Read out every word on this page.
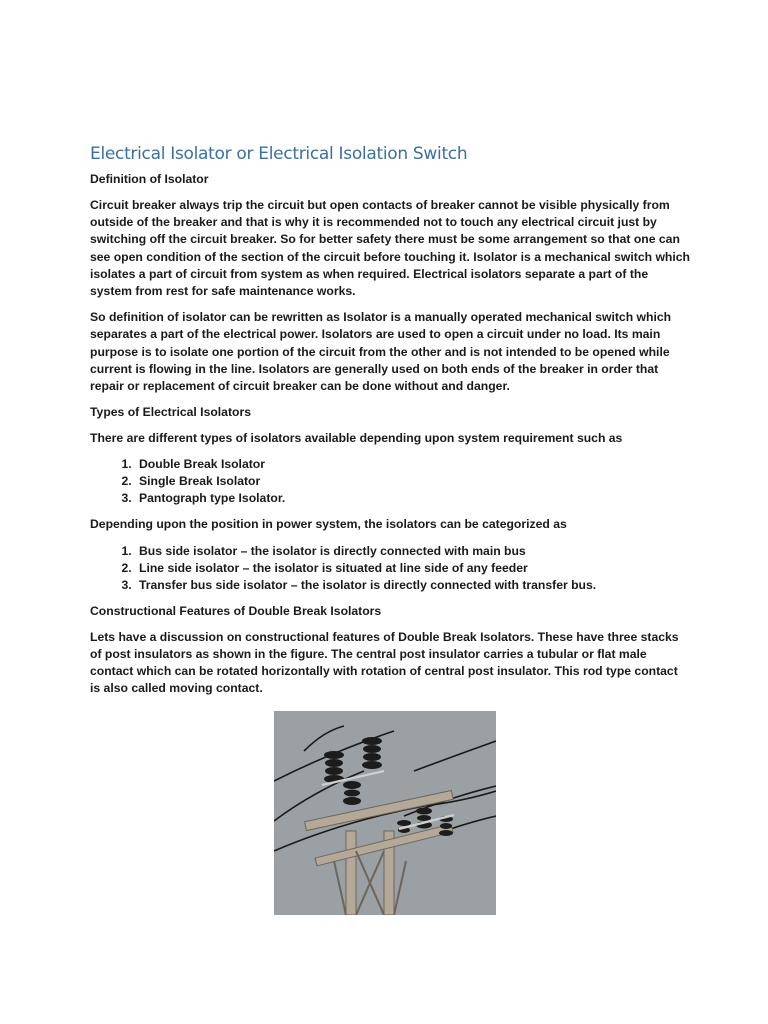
Electrical Isolator or Electrical Isolation Switch
Definition of Isolator

Circuit breaker always trip the circuit but open contacts of breaker cannot be visible physically from outside of the breaker and that is why it is recommended not to touch any electrical circuit just by switching off the circuit breaker. So for better safety there must be some arrangement so that one can see open condition of the section of the circuit before touching it. Isolator is a mechanical switch which isolates a part of circuit from system as when required. Electrical isolators separate a part of the system from rest for safe maintenance works.

So definition of isolator can be rewritten as Isolator is a manually operated mechanical switch which separates a part of the electrical power. Isolators are used to open a circuit under no load. Its main purpose is to isolate one portion of the circuit from the other and is not intended to be opened while current is flowing in the line. Isolators are generally used on both ends of the breaker in order that repair or replacement of circuit breaker can be done without and danger.

Types of Electrical Isolators

There are different types of isolators available depending upon system requirement such as

1. Double Break Isolator
2. Single Break Isolator
3. Pantograph type Isolator.

Depending upon the position in power system, the isolators can be categorized as

1. Bus side isolator – the isolator is directly connected with main bus
2. Line side isolator – the isolator is situated at line side of any feeder
3. Transfer bus side isolator – the isolator is directly connected with transfer bus.
Constructional Features of Double Break Isolators

Lets have a discussion on constructional features of Double Break Isolators. These have three stacks of post insulators as shown in the figure. The central post insulator carries a tubular or flat male contact which can be rotated horizontally with rotation of central post insulator. This rod type contact is also called moving contact.
